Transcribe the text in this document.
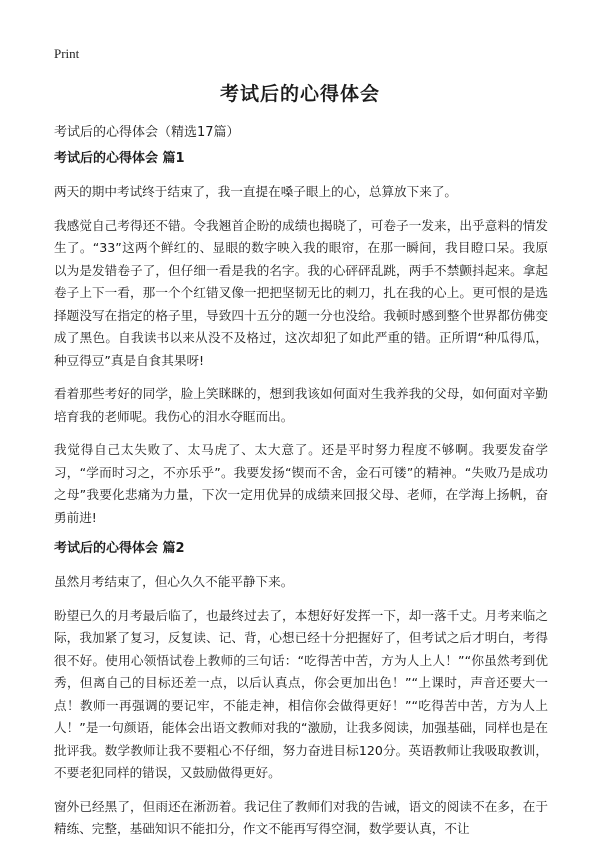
Print

考试后的心得体会

考试后的心得体会（精选17篇）

考试后的心得体会 篇1

两天的期中考试终于结束了，我一直提在嗓子眼上的心，总算放下来了。

我感觉自己考得还不错。令我翘首企盼的成绩也揭晓了，可卷子一发来，出乎意料的情发生了。“33”这两个鲜红的、显眼的数字映入我的眼帘，在那一瞬间，我目瞪口呆。我原以为是发错卷子了，但仔细一看是我的名字。我的心砰砰乱跳，两手不禁颤抖起来。拿起卷子上下一看，那一个个红错叉像一把把坚韧无比的刺刀，扎在我的心上。更可恨的是选择题没写在指定的格子里，导致四十五分的题一分也没给。我顿时感到整个世界都仿佛变成了黑色。自我读书以来从没不及格过，这次却犯了如此严重的错。正所谓“种瓜得瓜，种豆得豆”真是自食其果呀!

看着那些考好的同学，脸上笑眯眯的，想到我该如何面对生我养我的父母，如何面对辛勤培育我的老师呢。我伤心的泪水夺眶而出。

我觉得自己太失败了、太马虎了、太大意了。还是平时努力程度不够啊。我要发奋学习，“学而时习之，不亦乐乎”。我要发扬“锲而不舍，金石可镂”的精神。“失败乃是成功之母”我要化悲痛为力量，下次一定用优异的成绩来回报父母、老师，在学海上扬帆，奋勇前进!

考试后的心得体会 篇2

虽然月考结束了，但心久久不能平静下来。

盼望已久的月考最后临了，也最终过去了，本想好好发挥一下，却一落千丈。月考来临之际，我加紧了复习，反复读、记、背，心想已经十分把握好了，但考试之后才明白，考得很不好。使用心领悟试卷上教师的三句话：“吃得苦中苦，方为人上人！”“你虽然考到优秀，但离自己的目标还差一点，以后认真点，你会更加出色！”“上课时，声音还要大一点！教师一再强调的要记牢，不能走神，相信你会做得更好！”“吃得苦中苦，方为人上人！”是一句颜语，能体会出语文教师对我的“激励，让我多阅读，加强基础，同样也是在批评我。数学教师让我不要粗心不仔细，努力奋进目标120分。英语教师让我吸取教训，不要老犯同样的错误，又鼓励做得更好。

窗外已经黑了，但雨还在淅沥着。我记住了教师们对我的告诫，语文的阅读不在多，在于精练、完整，基础知识不能扣分，作文不能再写得空洞，数学要认真，不让
